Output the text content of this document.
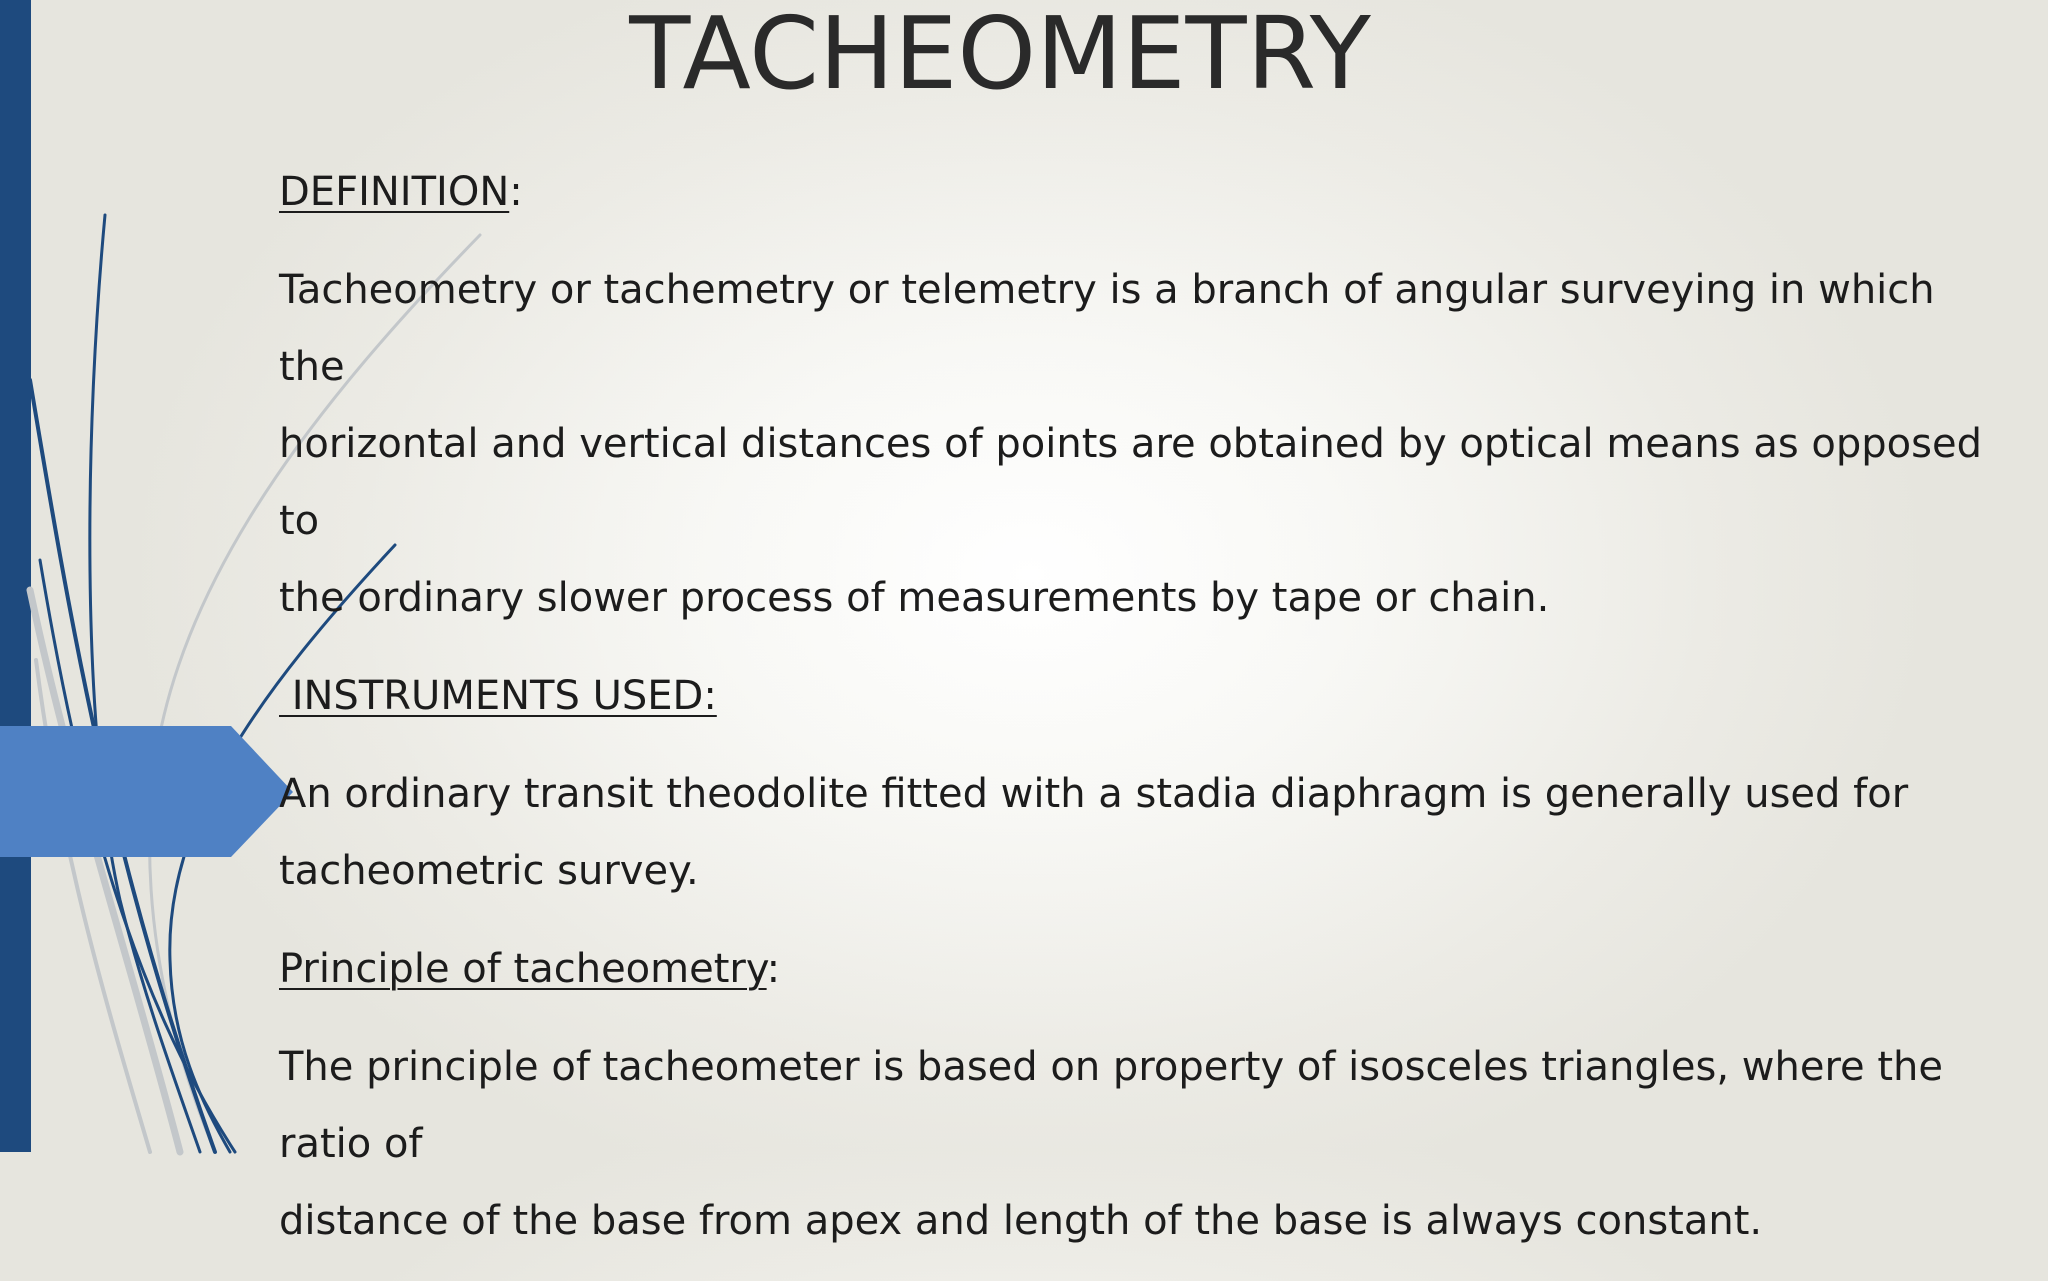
TACHEOMETRY

DEFINITION:

Tacheometry or tachemetry or telemetry is a branch of angular surveying in which the

horizontal and vertical distances of points are obtained by optical means as opposed to

the ordinary slower process of measurements by tape or chain.

INSTRUMENTS USED:

An ordinary transit theodolite fitted with a stadia diaphragm is generally used for

tacheometric survey.

Principle of tacheometry:

The principle of tacheometer is based on property of isosceles triangles, where the ratio of

distance of the base from apex and length of the base is always constant.
